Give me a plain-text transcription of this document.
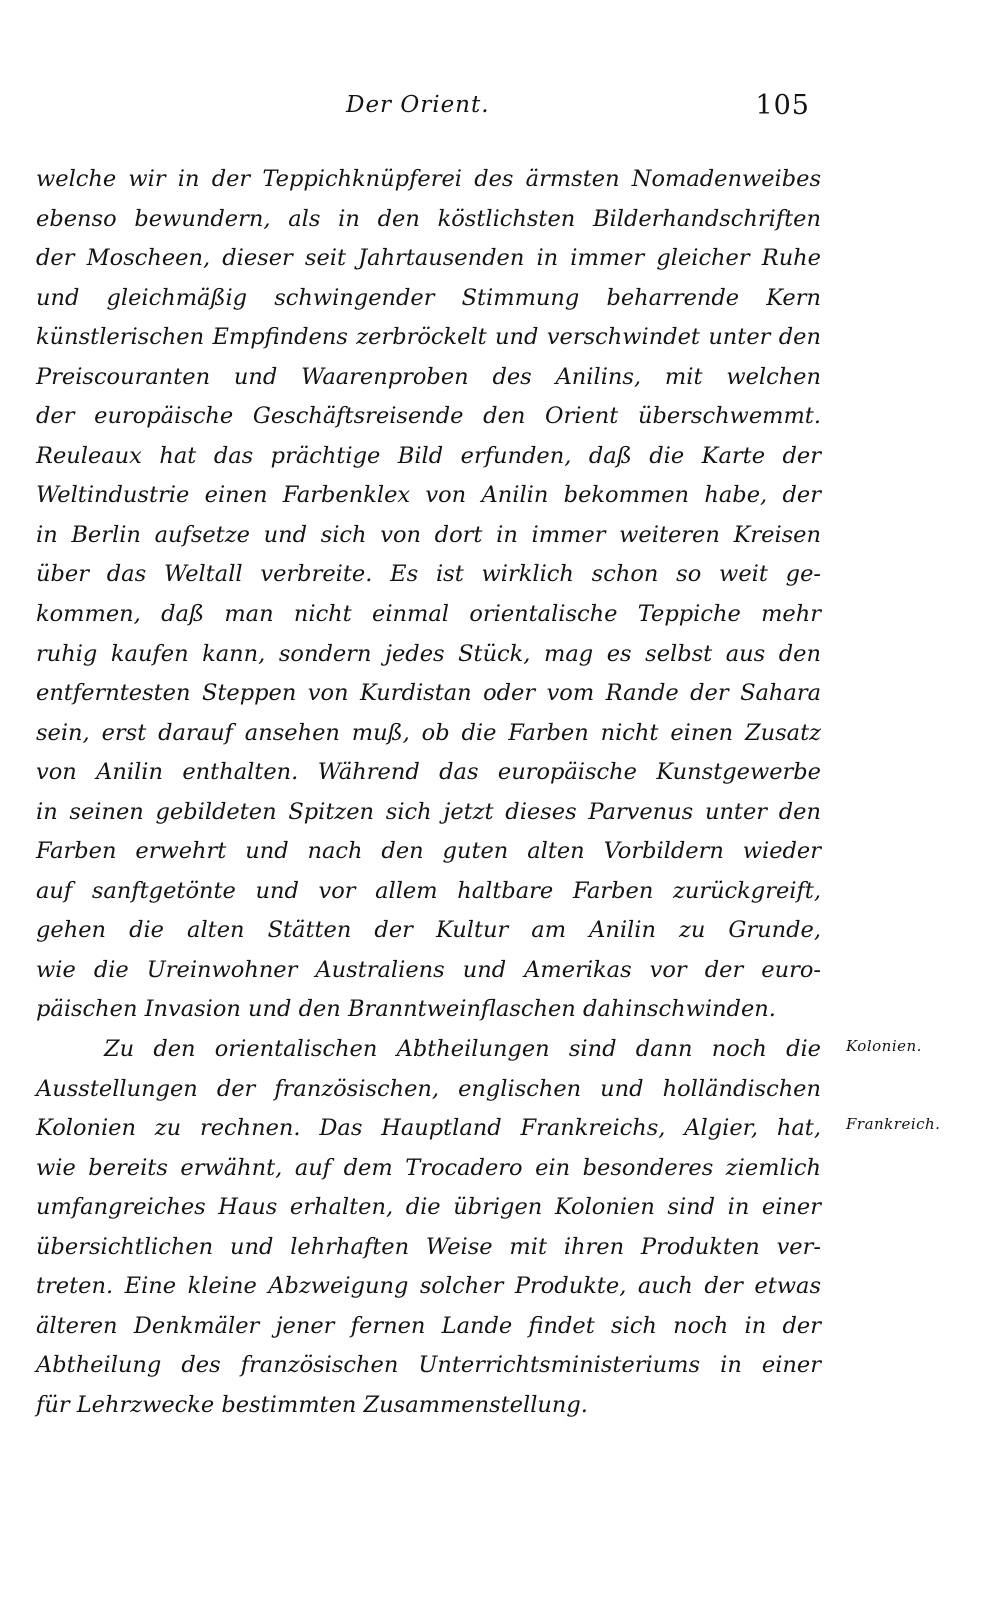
Der Orient.	105
welche wir in der Teppichknüpferei des ärmsten Nomadenweibes
ebenso bewundern, als in den köstlichsten Bilderhandschriften
der Moscheen, dieser seit Jahrtausenden in immer gleicher Ruhe
und gleichmäßig schwingender Stimmung beharrende Kern
künstlerischen Empfindens zerbröckelt und verschwindet unter den
Preiscouranten und Waarenproben des Anilins, mit welchen
der europäische Geschäftsreisende den Orient überschwemmt.
Reuleaux hat das prächtige Bild erfunden, daß die Karte der
Weltindustrie einen Farbenklex von Anilin bekommen habe, der
in Berlin aufsetze und sich von dort in immer weiteren Kreisen
über das Weltall verbreite. Es ist wirklich schon so weit ge-
kommen, daß man nicht einmal orientalische Teppiche mehr
ruhig kaufen kann, sondern jedes Stück, mag es selbst aus den
entferntesten Steppen von Kurdistan oder vom Rande der Sahara
sein, erst darauf ansehen muß, ob die Farben nicht einen Zusatz
von Anilin enthalten. Während das europäische Kunstgewerbe
in seinen gebildeten Spitzen sich jetzt dieses Parvenus unter den
Farben erwehrt und nach den guten alten Vorbildern wieder
auf sanftgetönte und vor allem haltbare Farben zurückgreift,
gehen die alten Stätten der Kultur am Anilin zu Grunde,
wie die Ureinwohner Australiens und Amerikas vor der euro-
päischen Invasion und den Branntweinflaschen dahinschwinden.
Zu den orientalischen Abtheilungen sind dann noch die
Ausstellungen der französischen, englischen und holländischen
Kolonien zu rechnen. Das Hauptland Frankreichs, Algier, hat,
wie bereits erwähnt, auf dem Trocadero ein besonderes ziemlich
umfangreiches Haus erhalten, die übrigen Kolonien sind in einer
übersichtlichen und lehrhaften Weise mit ihren Produkten ver-
treten. Eine kleine Abzweigung solcher Produkte, auch der etwas
älteren Denkmäler jener fernen Lande findet sich noch in der
Abtheilung des französischen Unterrichtsministeriums in einer
für Lehrzwecke bestimmten Zusammenstellung.
Kolonien.
Frankreich.
